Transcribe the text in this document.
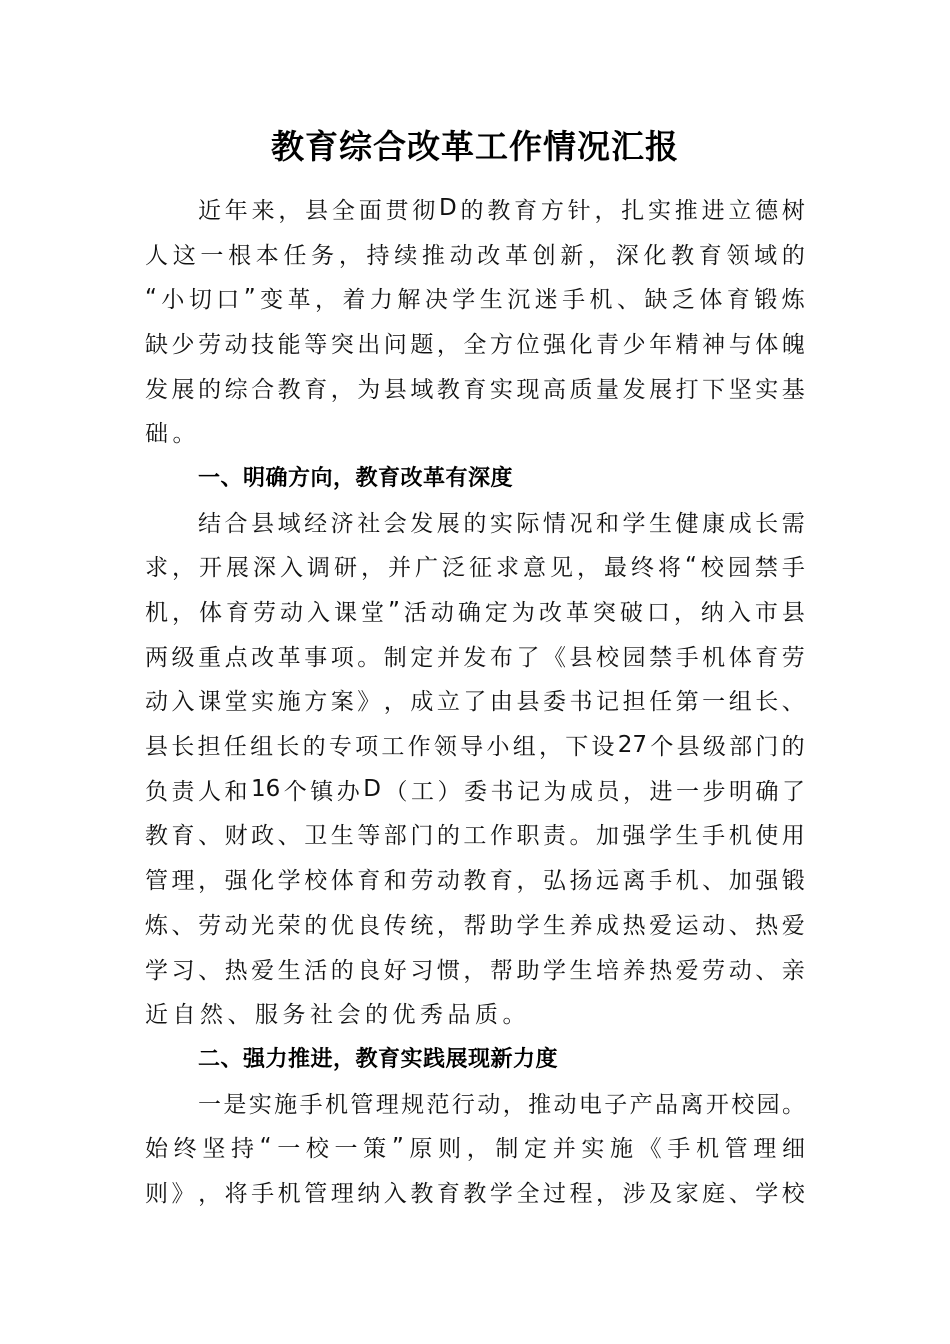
教育综合改革工作情况汇报
近 年 来 ， 县 全 面 贯 彻 D 的 教 育 方 针 ， 扎 实 推 进 立 德 树
人 这 一 根 本 任 务 ， 持 续 推 动 改 革 创 新 ， 深 化 教 育 领 域 的
“ 小 切 口 ” 变 革 ， 着 力 解 决 学 生 沉 迷 手 机 、 缺 乏 体 育 锻 炼
缺 少 劳 动 技 能 等 突 出 问 题 ， 全 方 位 强 化 青 少 年 精 神 与 体 魄
发 展 的 综 合 教 育 ， 为 县 域 教 育 实 现 高 质 量 发 展 打 下 坚 实 基
础。
一、明确方向，教育改革有深度
结 合 县 域 经 济 社 会 发 展 的 实 际 情 况 和 学 生 健 康 成 长 需
求 ， 开 展 深 入 调 研 ， 并 广 泛 征 求 意 见 ， 最 终 将 “ 校 园 禁 手
机 ， 体 育 劳 动 入 课 堂 ” 活 动 确 定 为 改 革 突 破 口 ， 纳 入 市 县
两 级 重 点 改 革 事 项 。 制 定 并 发 布 了 《 县 校 园 禁 手 机 体 育 劳
动 入 课 堂 实 施 方 案 》 ， 成 立 了 由 县 委 书 记 担 任 第 一 组 长 、
县 长 担 任 组 长 的 专 项 工 作 领 导 小 组 ， 下 设 27 个 县 级 部 门 的
负 责 人 和 16 个 镇 办 D （ 工 ） 委 书 记 为 成 员 ， 进 一 步 明 确 了
教 育 、 财 政 、 卫 生 等 部 门 的 工 作 职 责 。 加 强 学 生 手 机 使 用
管 理 ， 强 化 学 校 体 育 和 劳 动 教 育 ， 弘 扬 远 离 手 机 、 加 强 锻
炼 、 劳 动 光 荣 的 优 良 传 统 ， 帮 助 学 生 养 成 热 爱 运 动 、 热 爱
学 习 、 热 爱 生 活 的 良 好 习 惯 ， 帮 助 学 生 培 养 热 爱 劳 动 、 亲
近自然、服务社会的优秀品质。
二、强力推进，教育实践展现新力度
一 是 实 施 手 机 管 理 规 范 行 动 ， 推 动 电 子 产 品 离 开 校 园 。
始 终 坚 持 “ 一 校 一 策 ” 原 则 ， 制 定 并 实 施 《 手 机 管 理 细
则 》 ， 将 手 机 管 理 纳 入 教 育 教 学 全 过 程 ， 涉 及 家 庭 、 学 校
